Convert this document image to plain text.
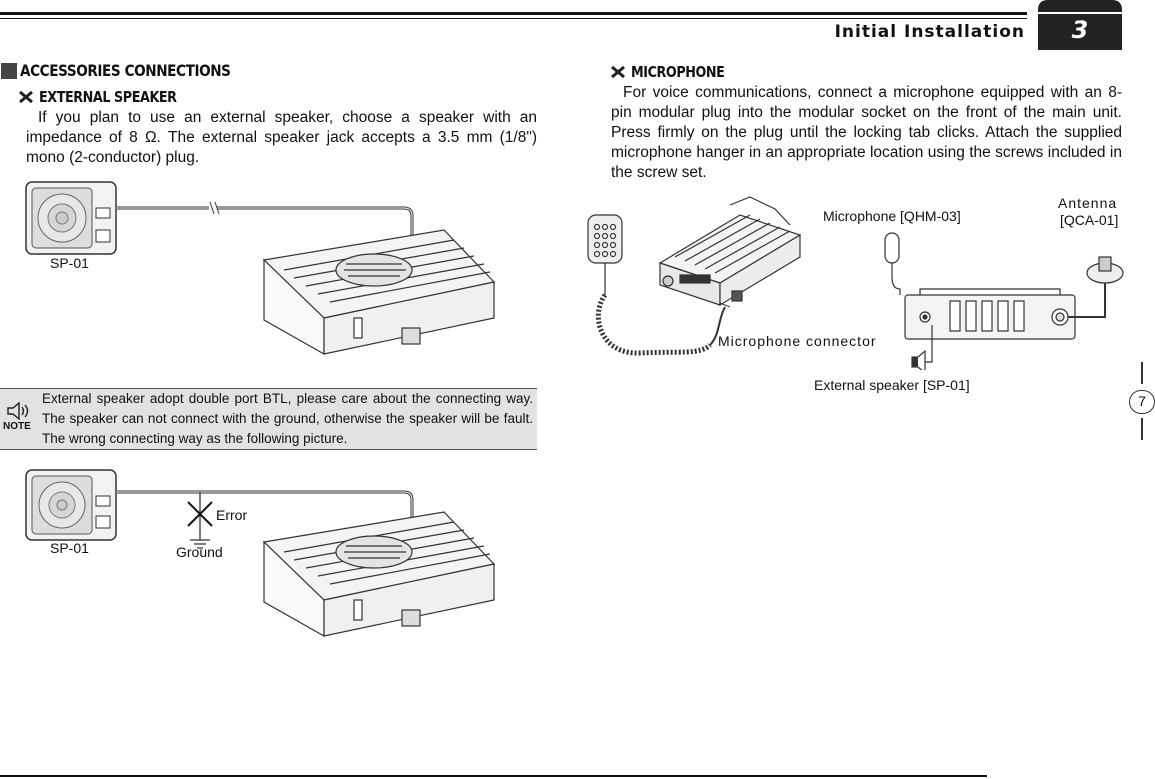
Initial Installation	3
ACCESSORIES CONNECTIONS
EXTERNAL SPEAKER
If you plan to use an external speaker, choose a speaker with an impedance of 8 Ω. The external speaker jack accepts a 3.5 mm (1/8") mono (2-conductor) plug.
SP-01
NOTE
External speaker adopt double port BTL, please care about the connecting way. The speaker can not connect with the ground, otherwise the speaker will be fault. The wrong connecting way as the following picture.
SP-01
Error
Ground
MICROPHONE
For voice communications, connect a microphone equipped with an 8-pin modular plug into the modular socket on the front of the main unit. Press firmly on the plug until the locking tab clicks. Attach the supplied microphone hanger in an appropriate location using the screws included in the screw set.
Microphone connector
Microphone [QHM-03]
Antenna
[QCA-01]
External speaker [SP-01]
7
